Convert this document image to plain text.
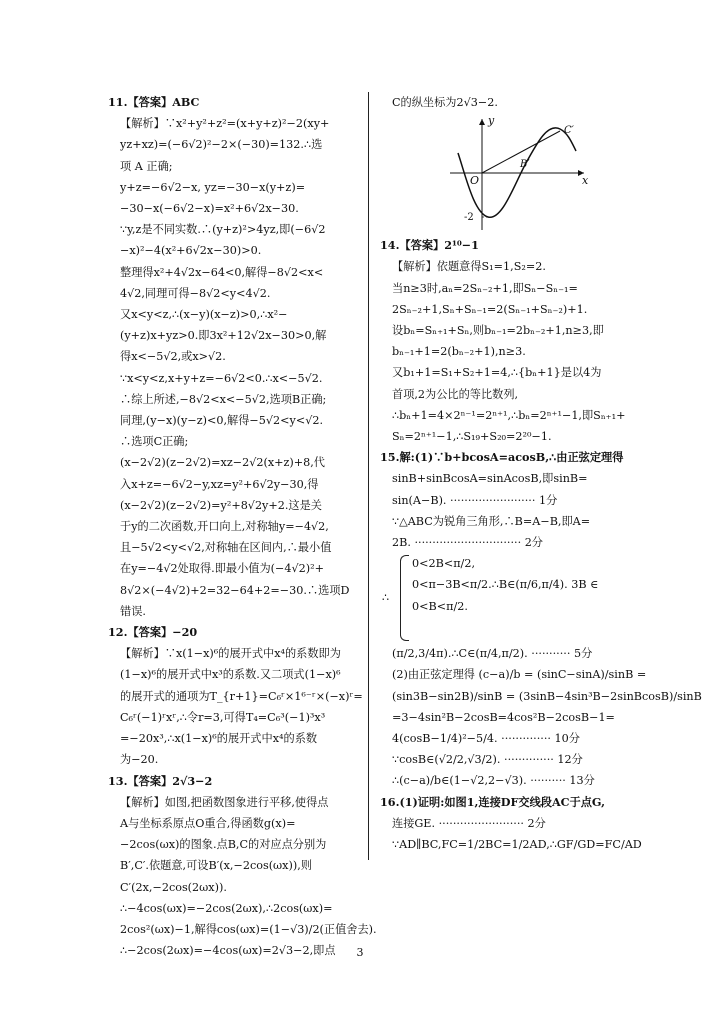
11.【答案】ABC
【解析】∵x²+y²+z²=(x+y+z)²−2(xy+
yz+xz)=(−6√2)²−2×(−30)=132.∴选
项 A 正确;
y+z=−6√2−x, yz=−30−x(y+z)=
−30−x(−6√2−x)=x²+6√2x−30.
∵y,z是不同实数.∴(y+z)²>4yz,即(−6√2
−x)²−4(x²+6√2x−30)>0.
整理得x²+4√2x−64<0,解得−8√2<x<
4√2,同理可得−8√2<y<4√2.
又x<y<z,∴(x−y)(x−z)>0,∴x²−
(y+z)x+yz>0.即3x²+12√2x−30>0,解
得x<−5√2,或x>√2.
∵x<y<z,x+y+z=−6√2<0.∴x<−5√2.
∴综上所述,−8√2<x<−5√2,选项B正确;
同理,(y−x)(y−z)<0,解得−5√2<y<√2.
∴选项C正确;
(x−2√2)(z−2√2)=xz−2√2(x+z)+8,代
入x+z=−6√2−y,xz=y²+6√2y−30,得
(x−2√2)(z−2√2)=y²+8√2y+2.这是关
于y的二次函数,开口向上,对称轴y=−4√2,
且−5√2<y<√2,对称轴在区间内,∴最小值
在y=−4√2处取得.即最小值为(−4√2)²+
8√2×(−4√2)+2=32−64+2=−30.∴选项D
错误.
12.【答案】−20
【解析】∵x(1−x)⁶的展开式中x⁴的系数即为
(1−x)⁶的展开式中x³的系数.又二项式(1−x)⁶
的展开式的通项为T_{r+1}=C₆ʳ×1⁶⁻ʳ×(−x)ʳ=
C₆ʳ(−1)ʳxʳ,∴令r=3,可得T₄=C₆³(−1)³x³
=−20x³,∴x(1−x)⁶的展开式中x⁴的系数
为−20.
13.【答案】2√3−2
【解析】如图,把函数图象进行平移,使得点
A与坐标系原点O重合,得函数g(x)=
−2cos(ωx)的图象.点B,C的对应点分别为
B′,C′.依题意,可设B′(x,−2cos(ωx)),则
C′(2x,−2cos(2ωx)).
∴−4cos(ωx)=−2cos(2ωx),∴2cos(ωx)=
2cos²(ωx)−1,解得cos(ωx)=(1−√3)/2(正值舍去).
∴−2cos(2ωx)=−4cos(ωx)=2√3−2,即点
C的纵坐标为2√3−2.
y
x
O
B′
C′
-2
14.【答案】2¹⁰−1
【解析】依题意得S₁=1,S₂=2.
当n≥3时,aₙ=2Sₙ₋₂+1,即Sₙ−Sₙ₋₁=
2Sₙ₋₂+1,Sₙ+Sₙ₋₁=2(Sₙ₋₁+Sₙ₋₂)+1.
设bₙ=Sₙ₊₁+Sₙ,则bₙ₋₁=2bₙ₋₂+1,n≥3,即
bₙ₋₁+1=2(bₙ₋₂+1),n≥3.
又b₁+1=S₁+S₂+1=4,∴{bₙ+1}是以4为
首项,2为公比的等比数列,
∴bₙ+1=4×2ⁿ⁻¹=2ⁿ⁺¹,∴bₙ=2ⁿ⁺¹−1,即Sₙ₊₁+
Sₙ=2ⁿ⁺¹−1,∴S₁₉+S₂₀=2²⁰−1.
15.解:(1)∵b+bcosA=acosB,∴由正弦定理得
sinB+sinBcosA=sinAcosB,即sinB=
sin(A−B). ························ 1分
∵△ABC为锐角三角形,∴B=A−B,即A=
2B. ······························ 2分
∴
0<2B<π/2,
0<π−3B<π/2.∴B∈(π/6,π/4). 3B ∈
0<B<π/2.
(π/2,3/4π).∴C∈(π/4,π/2). ··········· 5分
(2)由正弦定理得 (c−a)/b = (sinC−sinA)/sinB =
(sin3B−sin2B)/sinB = (3sinB−4sin³B−2sinBcosB)/sinB
=3−4sin²B−2cosB=4cos²B−2cosB−1=
4(cosB−1/4)²−5/4. ·············· 10分
∵cosB∈(√2/2,√3/2). ·············· 12分
∴(c−a)/b∈(1−√2,2−√3). ·········· 13分
16.(1)证明:如图1,连接DF交线段AC于点G,
连接GE. ························ 2分
∵AD∥BC,FC=1/2BC=1/2AD,∴GF/GD=FC/AD
3
